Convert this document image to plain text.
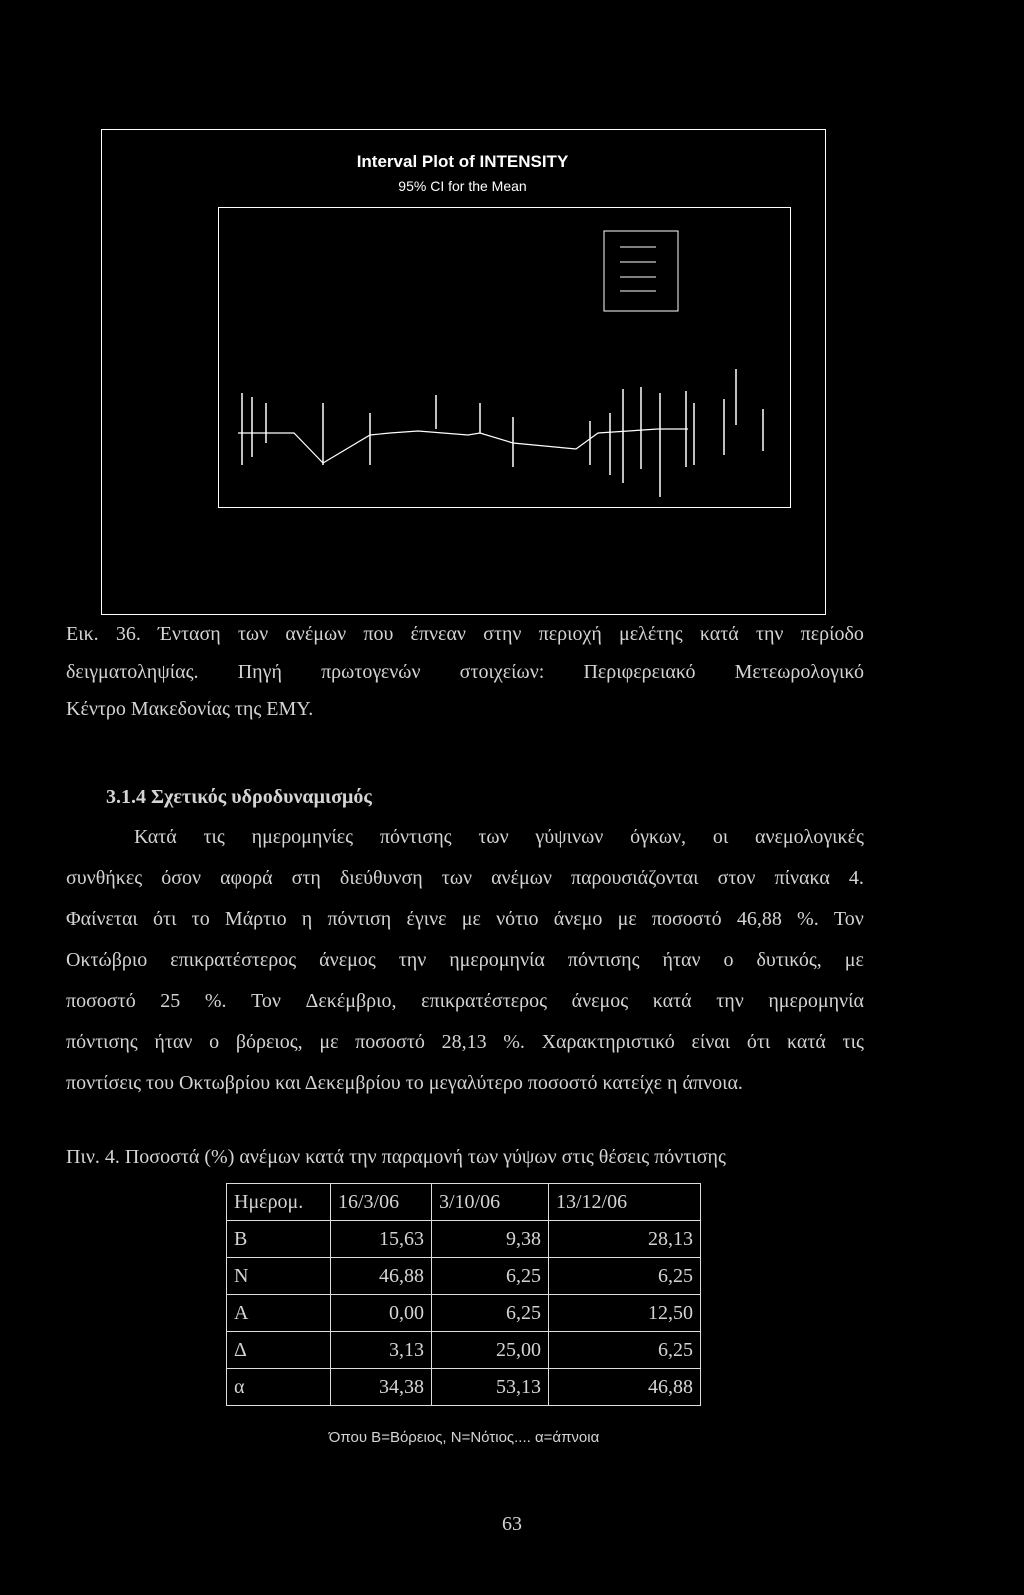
Interval Plot of INTENSITY
95% CI for the Mean
Εικ. 36. Ένταση των ανέμων που έπνεαν στην περιοχή μελέτης κατά την περίοδο
δειγματοληψίας. Πηγή πρωτογενών στοιχείων: Περιφερειακό Μετεωρολογικό
Κέντρο Μακεδονίας της ΕΜΥ.
3.1.4 Σχετικός υδροδυναμισμός
Κατά τις ημερομηνίες πόντισης των γύψινων όγκων, οι ανεμολογικές
συνθήκες όσον αφορά στη διεύθυνση των ανέμων παρουσιάζονται στον πίνακα 4.
Φαίνεται ότι το Μάρτιο η πόντιση έγινε με νότιο άνεμο με ποσοστό 46,88 %. Τον
Οκτώβριο επικρατέστερος άνεμος την ημερομηνία πόντισης ήταν ο δυτικός, με
ποσοστό 25 %. Τον Δεκέμβριο, επικρατέστερος άνεμος κατά την ημερομηνία
πόντισης ήταν ο βόρειος, με ποσοστό 28,13 %. Χαρακτηριστικό είναι ότι κατά τις
ποντίσεις του Οκτωβρίου και Δεκεμβρίου το μεγαλύτερο ποσοστό κατείχε η άπνοια.
Πιν. 4. Ποσοστά (%) ανέμων κατά την παραμονή των γύψων στις θέσεις πόντισης
Ημερομ.	16/3/06	3/10/06	13/12/06
Β	15,63	9,38	28,13
Ν	46,88	6,25	6,25
Α	0,00	6,25	12,50
Δ	3,13	25,00	6,25
α	34,38	53,13	46,88
Όπου Β=Βόρειος, Ν=Νότιος.... α=άπνοια
63
